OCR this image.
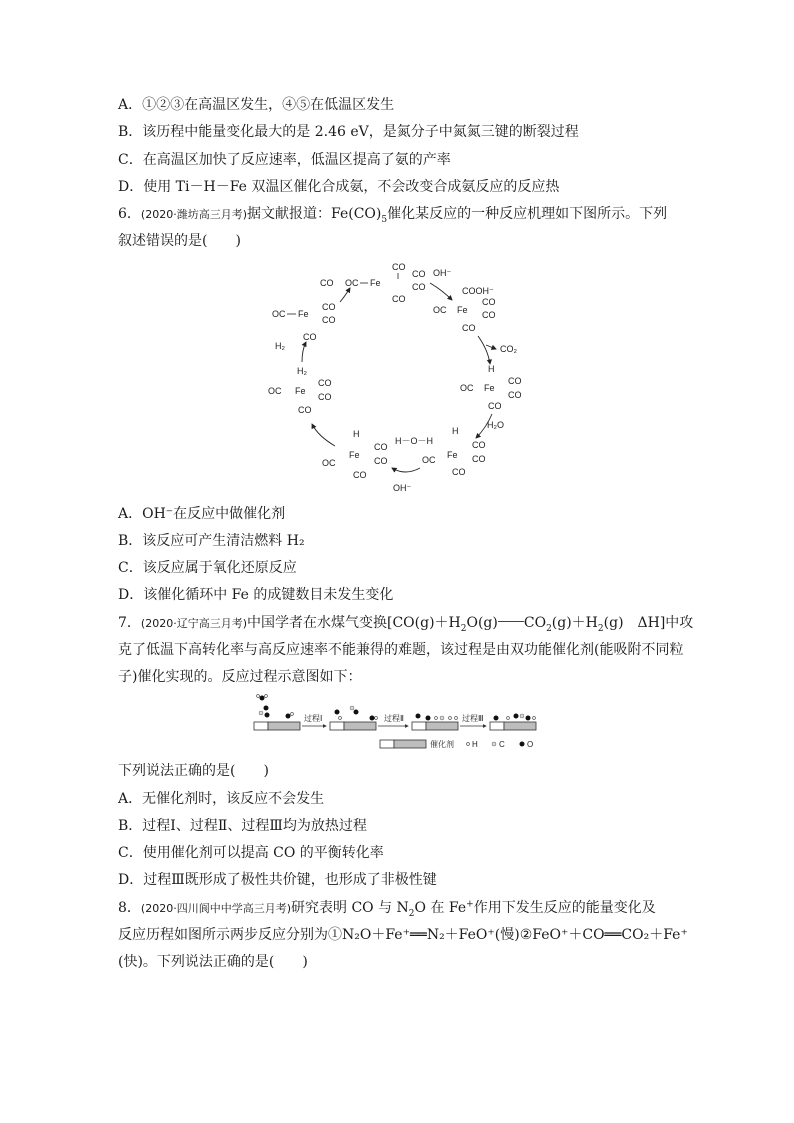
A．①②③在高温区发生，④⑤在低温区发生
B．该历程中能量变化最大的是 2.46 eV，是氮分子中氮氮三键的断裂过程
C．在高温区加快了反应速率，低温区提高了氨的产率
D．使用 Ti－H－Fe 双温区催化合成氨，不会改变合成氨反应的反应热
6．(2020·潍坊高三月考)据文献报道：$Fe(CO)_5$催化某反应的一种反应机理如下图所示。下列
叙述错误的是(　　)
CO OC Fe
CO
CO
CO
CO
OH⁻
COOH⁻
OC Fe
CO
CO
CO
CO₂
H
OC Fe
CO
CO
CO
H₂O
H
OC Fe
CO
CO
CO
H－O－H
OH⁻
H
OC
Fe
CO
CO
CO
H₂
OC Fe
CO
CO
CO
H₂
OC Fe
CO
CO
CO
A．OH⁻在反应中做催化剂
B．该反应可产生清洁燃料 H₂
C．该反应属于氧化还原反应
D．该催化循环中 Fe 的成键数目未发生变化
7．(2020·辽宁高三月考)中国学者在水煤气变换[$CO(g)+H_2O(g)$ $CO_2(g)+H_2(g)$　ΔH]中攻
克了低温下高转化率与高反应速率不能兼得的难题，该过程是由双功能催化剂(能吸附不同粒
子)催化实现的。反应过程示意图如下：
过程Ⅰ	过程Ⅱ	过程Ⅲ
催化剂 H	C	O
下列说法正确的是(　　)
A．无催化剂时，该反应不会发生
B．过程Ⅰ、过程Ⅱ、过程Ⅲ均为放热过程
C．使用催化剂可以提高 CO 的平衡转化率
D．过程Ⅲ既形成了极性共价键，也形成了非极性键
8．(2020·四川阆中中学高三月考)研究表明 CO 与 $N_2O$ 在 Fe+作用下发生反应的能量变化及
反应历程如图所示两步反应分别为①N₂O＋Fe⁺══N₂＋FeO⁺(慢)②FeO⁺＋CO══CO₂＋Fe⁺
(快)。下列说法正确的是(　　)
